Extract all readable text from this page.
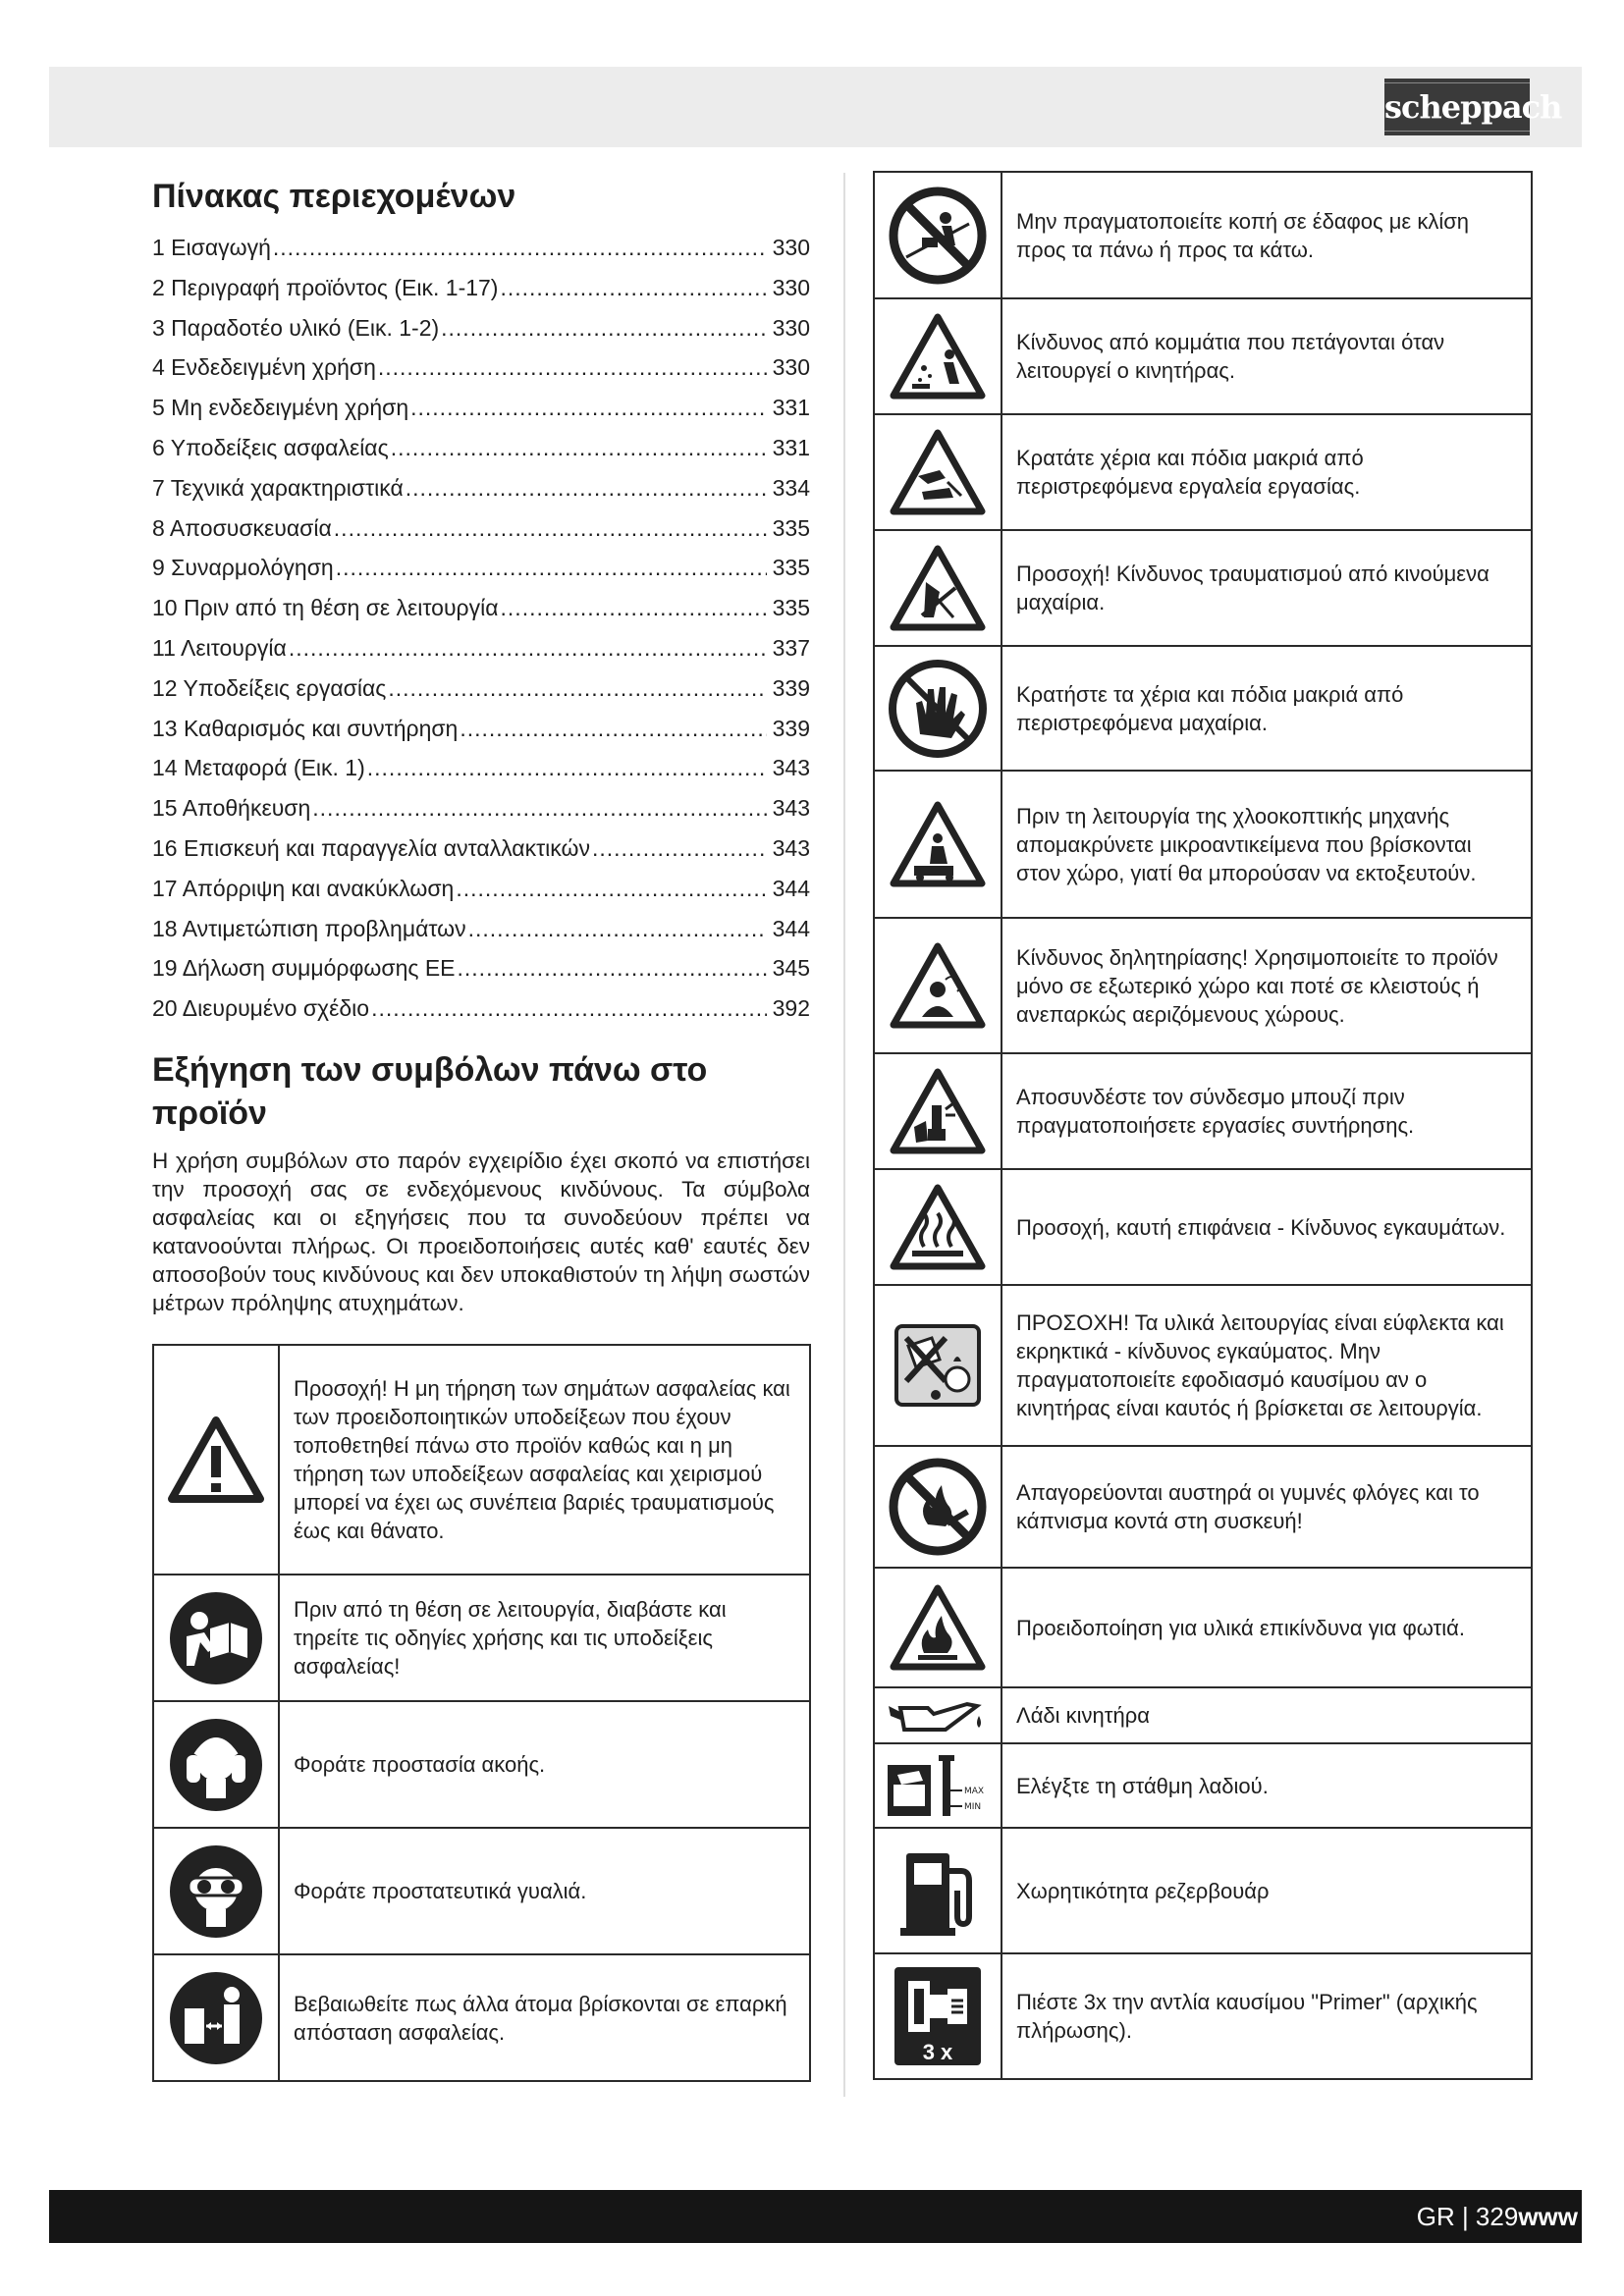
scheppach
Πίνακας περιεχομένων
1 Εισαγωγή .....	330
2 Περιγραφή προϊόντος (Εικ. 1-17) .....	330
3 Παραδοτέο υλικό (Εικ. 1-2) .....	330
4 Ενδεδειγμένη χρήση .....	330
5 Μη ενδεδειγμένη χρήση .....	331
6 Υποδείξεις ασφαλείας .....	331
7 Τεχνικά χαρακτηριστικά .....	334
8 Αποσυσκευασία .....	335
9 Συναρμολόγηση .....	335
10 Πριν από τη θέση σε λειτουργία .....	335
11 Λειτουργία .....	337
12 Υποδείξεις εργασίας .....	339
13 Καθαρισμός και συντήρηση .....	339
14 Μεταφορά (Εικ. 1) .....	343
15 Αποθήκευση .....	343
16 Επισκευή και παραγγελία ανταλλακτικών .....	343
17 Απόρριψη και ανακύκλωση .....	344
18 Αντιμετώπιση προβλημάτων .....	344
19 Δήλωση συμμόρφωσης ΕΕ .....	345
20 Διευρυμένο σχέδιο .....	392
Εξήγηση των συμβόλων πάνω στο προϊόν

Η χρήση συμβόλων στο παρόν εγχειρίδιο έχει σκοπό να επιστήσει την προσοχή σας σε ενδεχόμενους κινδύνους. Τα σύμβολα ασφαλείας και οι εξηγήσεις που τα συνοδεύουν πρέπει να κατανοούνται πλήρως. Οι προειδοποιήσεις αυτές καθ' εαυτές δεν αποσοβούν τους κινδύνους και δεν υποκαθιστούν τη λήψη σωστών μέτρων πρόληψης ατυχημάτων.

	Προσοχή! Η μη τήρηση των σημάτων ασφαλείας και των προειδοποιητικών υποδείξεων που έχουν τοποθετηθεί πάνω στο προϊόν καθώς και η μη τήρηση των υποδείξεων ασφαλείας και χειρισμού μπορεί να έχει ως συνέπεια βαριές τραυματισμούς έως και θάνατο.

	Πριν από τη θέση σε λειτουργία, διαβάστε και τηρείτε τις οδηγίες χρήσης και τις υποδείξεις ασφαλείας!

	Φοράτε προστασία ακοής.

	Φοράτε προστατευτικά γυαλιά.

	Βεβαιωθείτε πως άλλα άτομα βρίσκονται σε επαρκή απόσταση ασφαλείας.
	Μην πραγματοποιείτε κοπή σε έδαφος με κλίση προς τα πάνω ή προς τα κάτω.

	Κίνδυνος από κομμάτια που πετάγονται όταν λειτουργεί ο κινητήρας.

	Κρατάτε χέρια και πόδια μακριά από περιστρεφόμενα εργαλεία εργασίας.

	Προσοχή! Κίνδυνος τραυματισμού από κινούμενα μαχαίρια.

	Κρατήστε τα χέρια και πόδια μακριά από περιστρεφόμενα μαχαίρια.

	Πριν τη λειτουργία της χλοοκοπτικής μηχανής απομακρύνετε μικροαντικείμενα που βρίσκονται στον χώρο, γιατί θα μπορούσαν να εκτοξευτούν.

	Κίνδυνος δηλητηρίασης! Χρησιμοποιείτε το προϊόν μόνο σε εξωτερικό χώρο και ποτέ σε κλειστούς ή ανεπαρκώς αεριζόμενους χώρους.

	Αποσυνδέστε τον σύνδεσμο μπουζί πριν πραγματοποιήσετε εργασίες συντήρησης.

	Προσοχή, καυτή επιφάνεια - Κίνδυνος εγκαυμάτων.

	ΠΡΟΣΟΧΗ! Τα υλικά λειτουργίας είναι εύφλεκτα και εκρηκτικά - κίνδυνος εγκαύματος. Μην πραγματοποιείτε εφοδιασμό καυσίμου αν ο κινητήρας είναι καυτός ή βρίσκεται σε λειτουργία.

	Απαγορεύονται αυστηρά οι γυμνές φλόγες και το κάπνισμα κοντά στη συσκευή!

	Προειδοποίηση για υλικά επικίνδυνα για φωτιά.

	Λάδι κινητήρα

MAX
MIN	Ελέγξτε τη στάθμη λαδιού.

	Χωρητικότητα ρεζερβουάρ

3 x	Πιέστε 3x την αντλία καυσίμου "Primer" (αρχικής πλήρωσης).
GR | 329www
